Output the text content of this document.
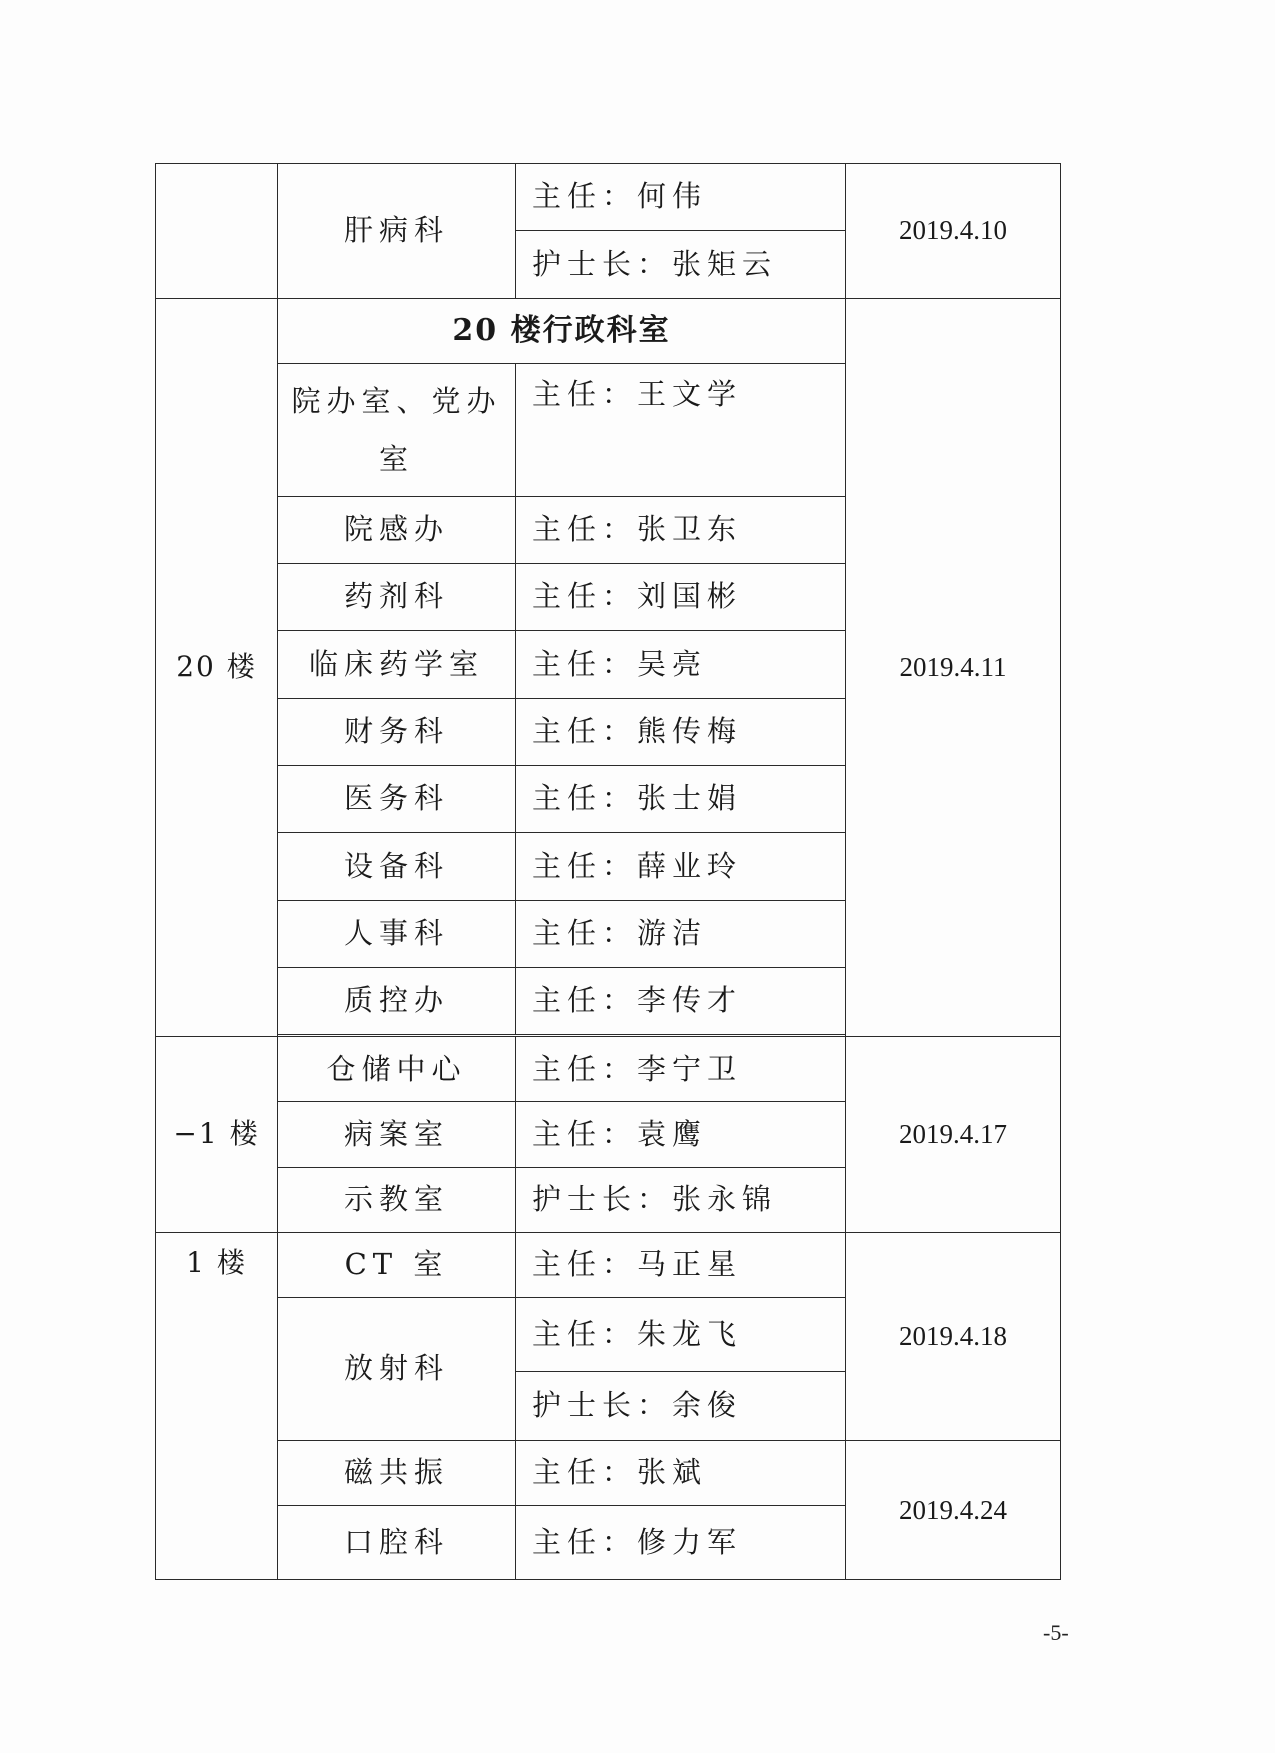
	肝病科	主任：何伟	2019.4.10
		护士长：张矩云	
20 楼	20 楼行政科室		2019.4.11
	院办室、党办室	主任：王文学	
	院感办	主任：张卫东	
	药剂科	主任：刘国彬	
	临床药学室	主任：吴亮	
	财务科	主任：熊传梅	
	医务科	主任：张士娟	
	设备科	主任：薛业玲	
	人事科	主任：游洁	
	质控办	主任：李传才	

−1 楼	仓储中心	主任：李宁卫	2019.4.17
	病案室	主任：袁鹰	
	示教室	护士长：张永锦	
1 楼	CT 室	主任：马正星	2019.4.18
	放射科	主任：朱龙飞	
		护士长：余俊	
	磁共振	主任：张斌	2019.4.24
	口腔科	主任：修力军	
-5-
